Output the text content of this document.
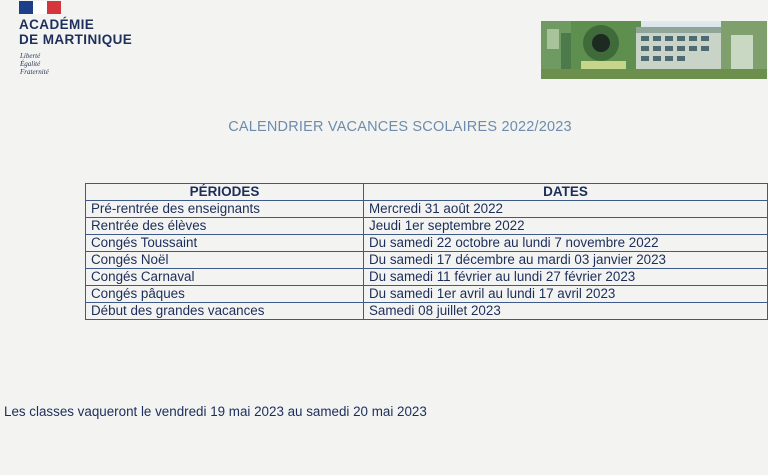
ACADÉMIE
DE MARTINIQUE
Liberté
Égalité
Fraternité
CALENDRIER VACANCES SCOLAIRES 2022/2023
PÉRIODES	DATES
Pré-rentrée des enseignants	Mercredi 31 août 2022
Rentrée des élèves	Jeudi 1er septembre 2022
Congés Toussaint	Du samedi 22 octobre au lundi 7 novembre 2022
Congés Noël	Du samedi 17 décembre au mardi 03 janvier 2023
Congés Carnaval	Du samedi 11 février au lundi 27 février 2023
Congés pâques	Du samedi 1er avril au lundi 17 avril 2023
Début des grandes vacances	Samedi 08 juillet 2023
Les classes vaqueront le vendredi 19 mai 2023 au samedi 20 mai 2023
